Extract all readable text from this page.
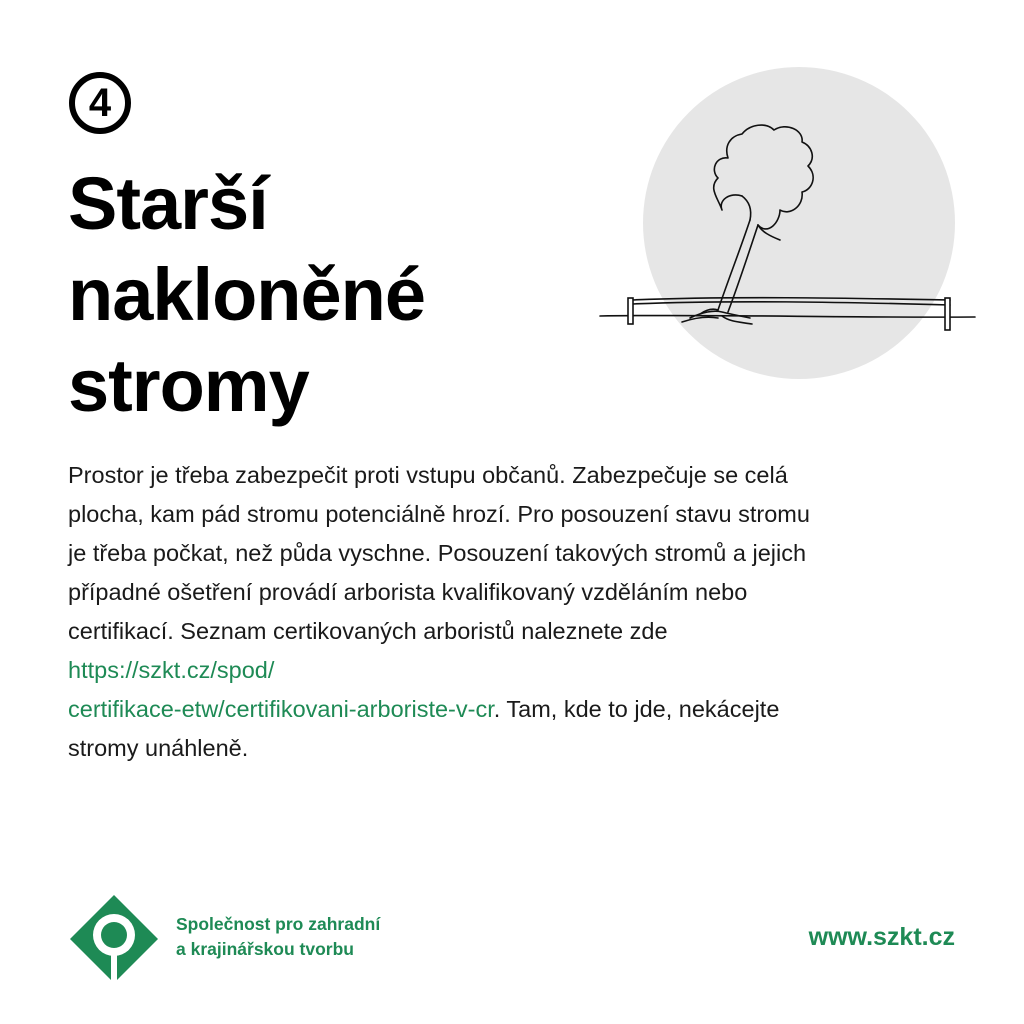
4
Starší
nakloněné
stromy

Prostor je třeba zabezpečit proti vstupu občanů. Zabezpečuje se celá plocha, kam pád stromu potenciálně hrozí. Pro posouzení stavu stromu je třeba počkat, než půda vyschne. Posouzení takových stromů a jejich případné ošetření provádí arborista kvalifikovaný vzděláním nebo certifikací. Seznam certikovaných arboristů naleznete zde https://szkt.cz/spod/
certifikace-etw/certifikovani-arboriste-v-cr. Tam, kde to jde, nekácejte stromy unáhleně.

Společnost pro zahradní
a krajinářskou tvorbu	www.szkt.cz
